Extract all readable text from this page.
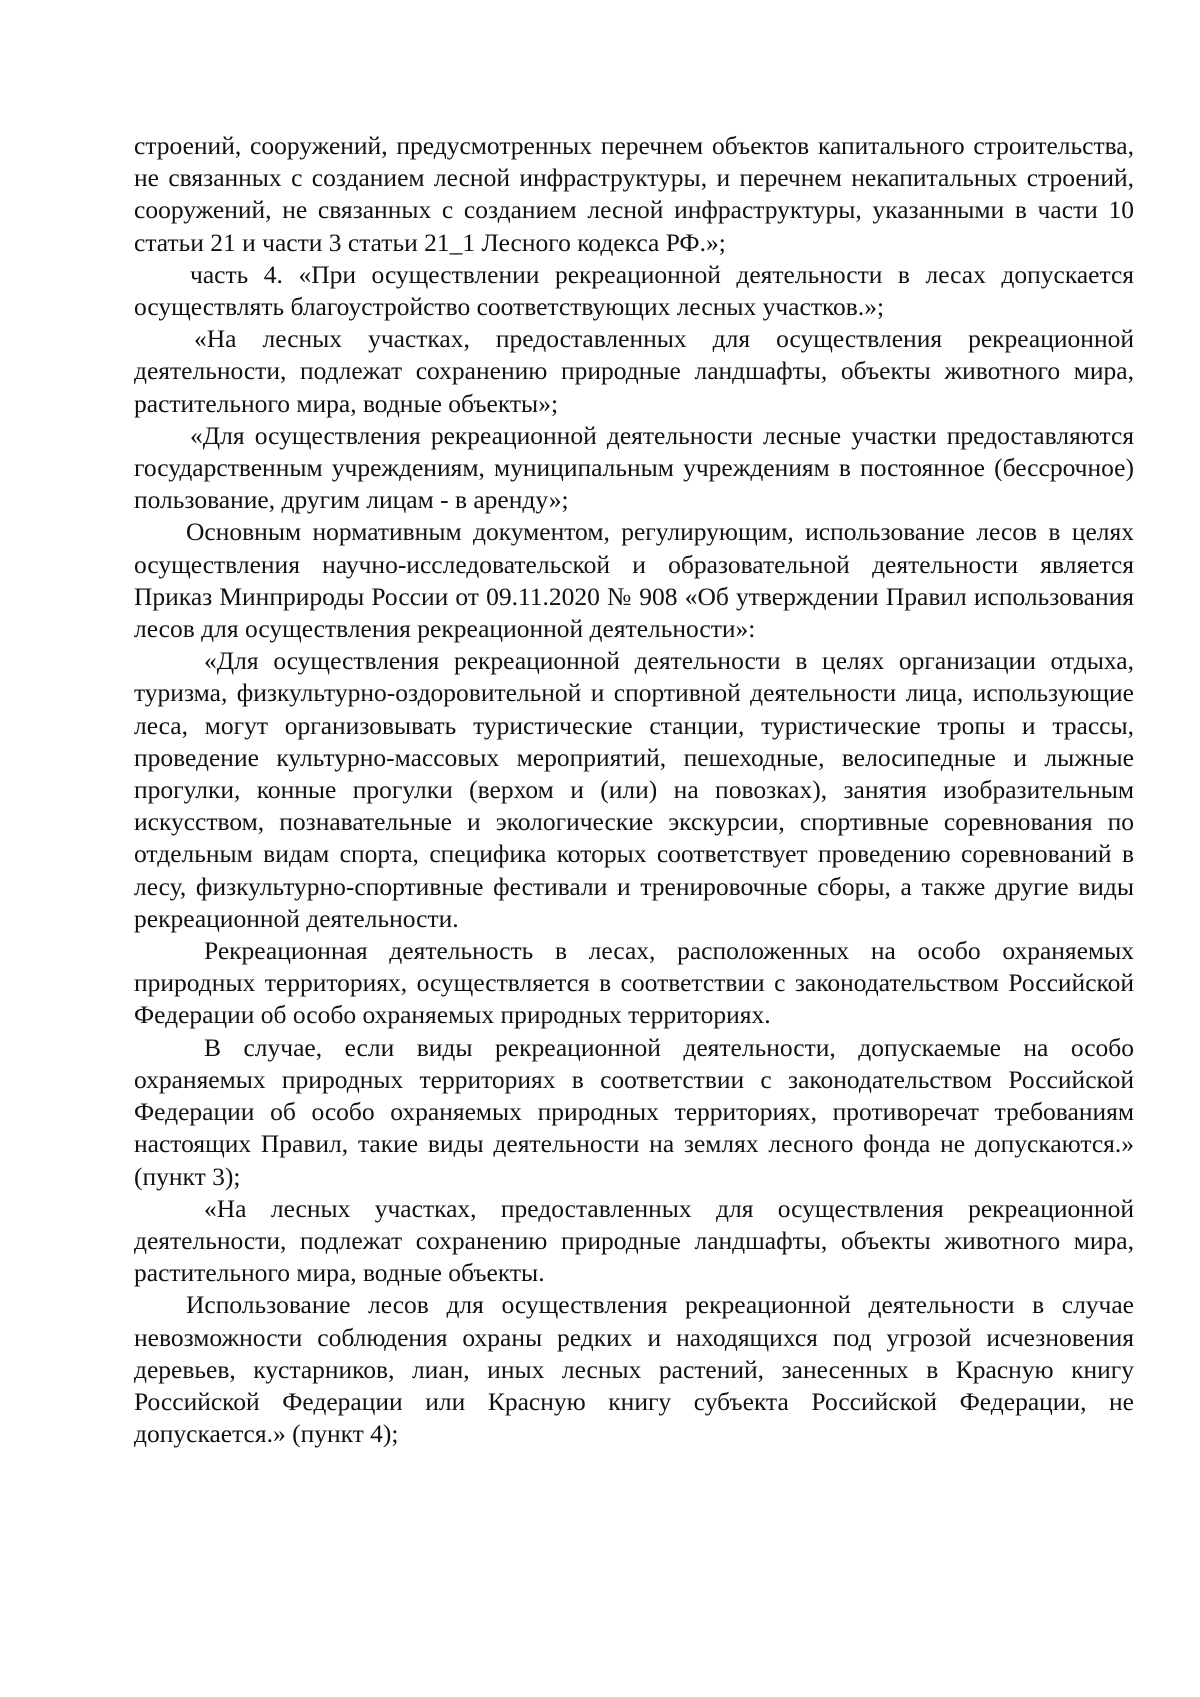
строений, сооружений, предусмотренных перечнем объектов капитального строительства, не связанных с созданием лесной инфраструктуры, и перечнем некапитальных строений, сооружений, не связанных с созданием лесной инфраструктуры, указанными в части 10 статьи 21 и части 3 статьи 21_1 Лесного кодекса РФ.»;

часть 4. «При осуществлении рекреационной деятельности в лесах допускается осуществлять благоустройство соответствующих лесных участков.»;

«На лесных участках, предоставленных для осуществления рекреационной деятельности, подлежат сохранению природные ландшафты, объекты животного мира, растительного мира, водные объекты»;

«Для осуществления рекреационной деятельности лесные участки предоставляются государственным учреждениям, муниципальным учреждениям в постоянное (бессрочное) пользование, другим лицам - в аренду»;

Основным нормативным документом, регулирующим, использование лесов в целях осуществления научно-исследовательской и образовательной деятельности является Приказ Минприроды России от 09.11.2020 № 908 «Об утверждении Правил использования лесов для осуществления рекреационной деятельности»:

«Для осуществления рекреационной деятельности в целях организации отдыха, туризма, физкультурно-оздоровительной и спортивной деятельности лица, использующие леса, могут организовывать туристические станции, туристические тропы и трассы, проведение культурно-массовых мероприятий, пешеходные, велосипедные и лыжные прогулки, конные прогулки (верхом и (или) на повозках), занятия изобразительным искусством, познавательные и экологические экскурсии, спортивные соревнования по отдельным видам спорта, специфика которых соответствует проведению соревнований в лесу, физкультурно-спортивные фестивали и тренировочные сборы, а также другие виды рекреационной деятельности.

Рекреационная деятельность в лесах, расположенных на особо охраняемых природных территориях, осуществляется в соответствии с законодательством Российской Федерации об особо охраняемых природных территориях.

В случае, если виды рекреационной деятельности, допускаемые на особо охраняемых природных территориях в соответствии с законодательством Российской Федерации об особо охраняемых природных территориях, противоречат требованиям настоящих Правил, такие виды деятельности на землях лесного фонда не допускаются.» (пункт 3);

«На лесных участках, предоставленных для осуществления рекреационной деятельности, подлежат сохранению природные ландшафты, объекты животного мира, растительного мира, водные объекты.

Использование лесов для осуществления рекреационной деятельности в случае невозможности соблюдения охраны редких и находящихся под угрозой исчезновения деревьев, кустарников, лиан, иных лесных растений, занесенных в Красную книгу Российской Федерации или Красную книгу субъекта Российской Федерации, не допускается.» (пункт 4);
